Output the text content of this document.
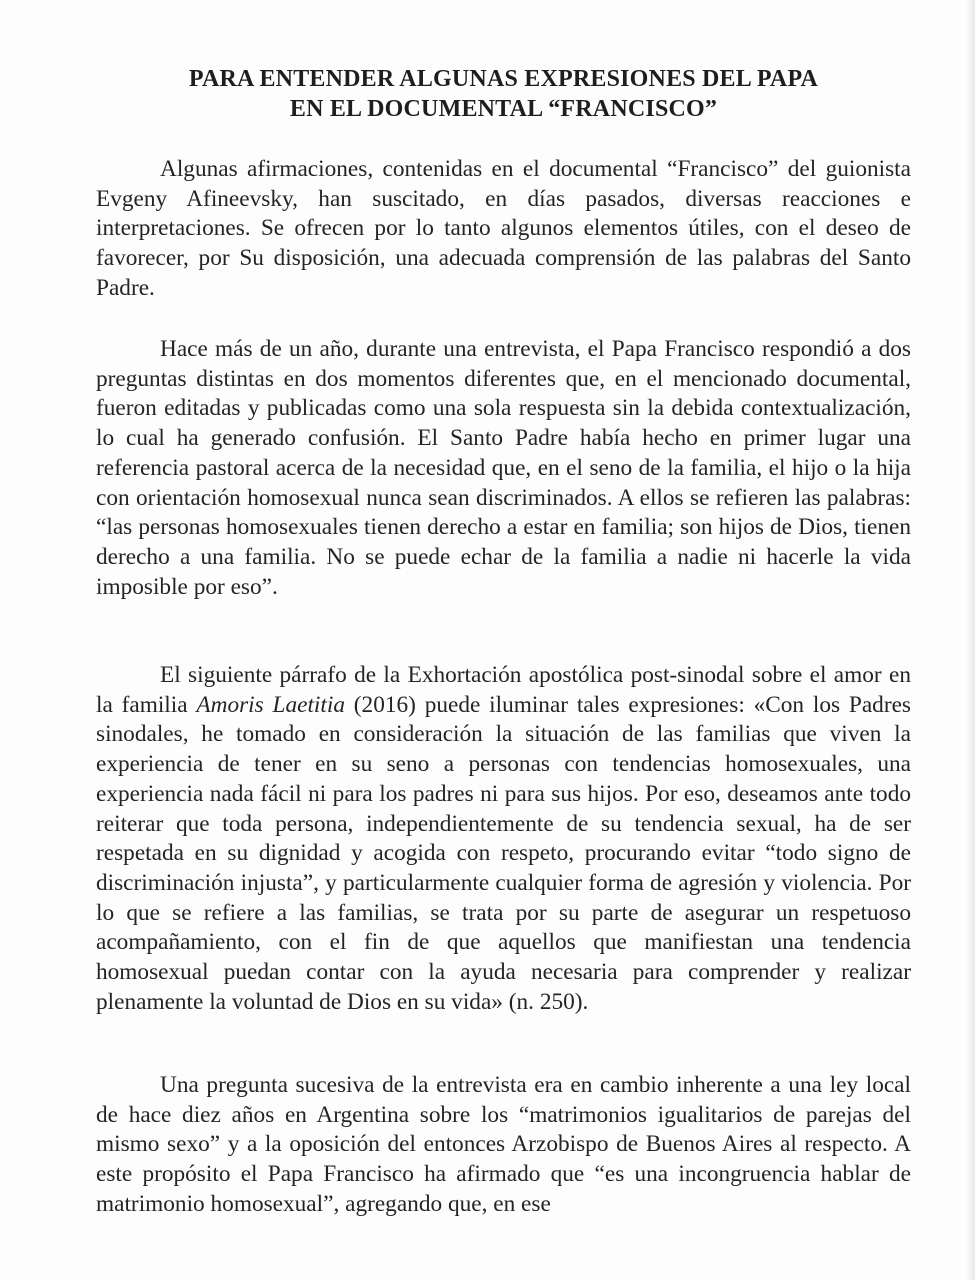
PARA ENTENDER ALGUNAS EXPRESIONES DEL PAPA
EN EL DOCUMENTAL “FRANCISCO”

Algunas afirmaciones, contenidas en el documental “Francisco” del guionista Evgeny Afineevsky, han suscitado, en días pasados, diversas reacciones e interpretaciones. Se ofrecen por lo tanto algunos elementos útiles, con el deseo de favorecer, por Su disposición, una adecuada comprensión de las palabras del Santo Padre.

Hace más de un año, durante una entrevista, el Papa Francisco respondió a dos preguntas distintas en dos momentos diferentes que, en el mencionado documental, fueron editadas y publicadas como una sola respuesta sin la debida contextualización, lo cual ha generado confusión. El Santo Padre había hecho en primer lugar una referencia pastoral acerca de la necesidad que, en el seno de la familia, el hijo o la hija con orientación homosexual nunca sean discriminados. A ellos se refieren las palabras: “las personas homosexuales tienen derecho a estar en familia; son hijos de Dios, tienen derecho a una familia. No se puede echar de la familia a nadie ni hacerle la vida imposible por eso”.

El siguiente párrafo de la Exhortación apostólica post-sinodal sobre el amor en la familia Amoris Laetitia (2016) puede iluminar tales expresiones: «Con los Padres sinodales, he tomado en consideración la situación de las familias que viven la experiencia de tener en su seno a personas con tendencias homosexuales, una experiencia nada fácil ni para los padres ni para sus hijos. Por eso, deseamos ante todo reiterar que toda persona, independientemente de su tendencia sexual, ha de ser respetada en su dignidad y acogida con respeto, procurando evitar “todo signo de discriminación injusta”, y particularmente cualquier forma de agresión y violencia. Por lo que se refiere a las familias, se trata por su parte de asegurar un respetuoso acompañamiento, con el fin de que aquellos que manifiestan una tendencia homosexual puedan contar con la ayuda necesaria para comprender y realizar plenamente la voluntad de Dios en su vida» (n. 250).

Una pregunta sucesiva de la entrevista era en cambio inherente a una ley local de hace diez años en Argentina sobre los “matrimonios igualitarios de parejas del mismo sexo” y a la oposición del entonces Arzobispo de Buenos Aires al respecto. A este propósito el Papa Francisco ha afirmado que “es una incongruencia hablar de matrimonio homosexual”, agregando que, en ese
